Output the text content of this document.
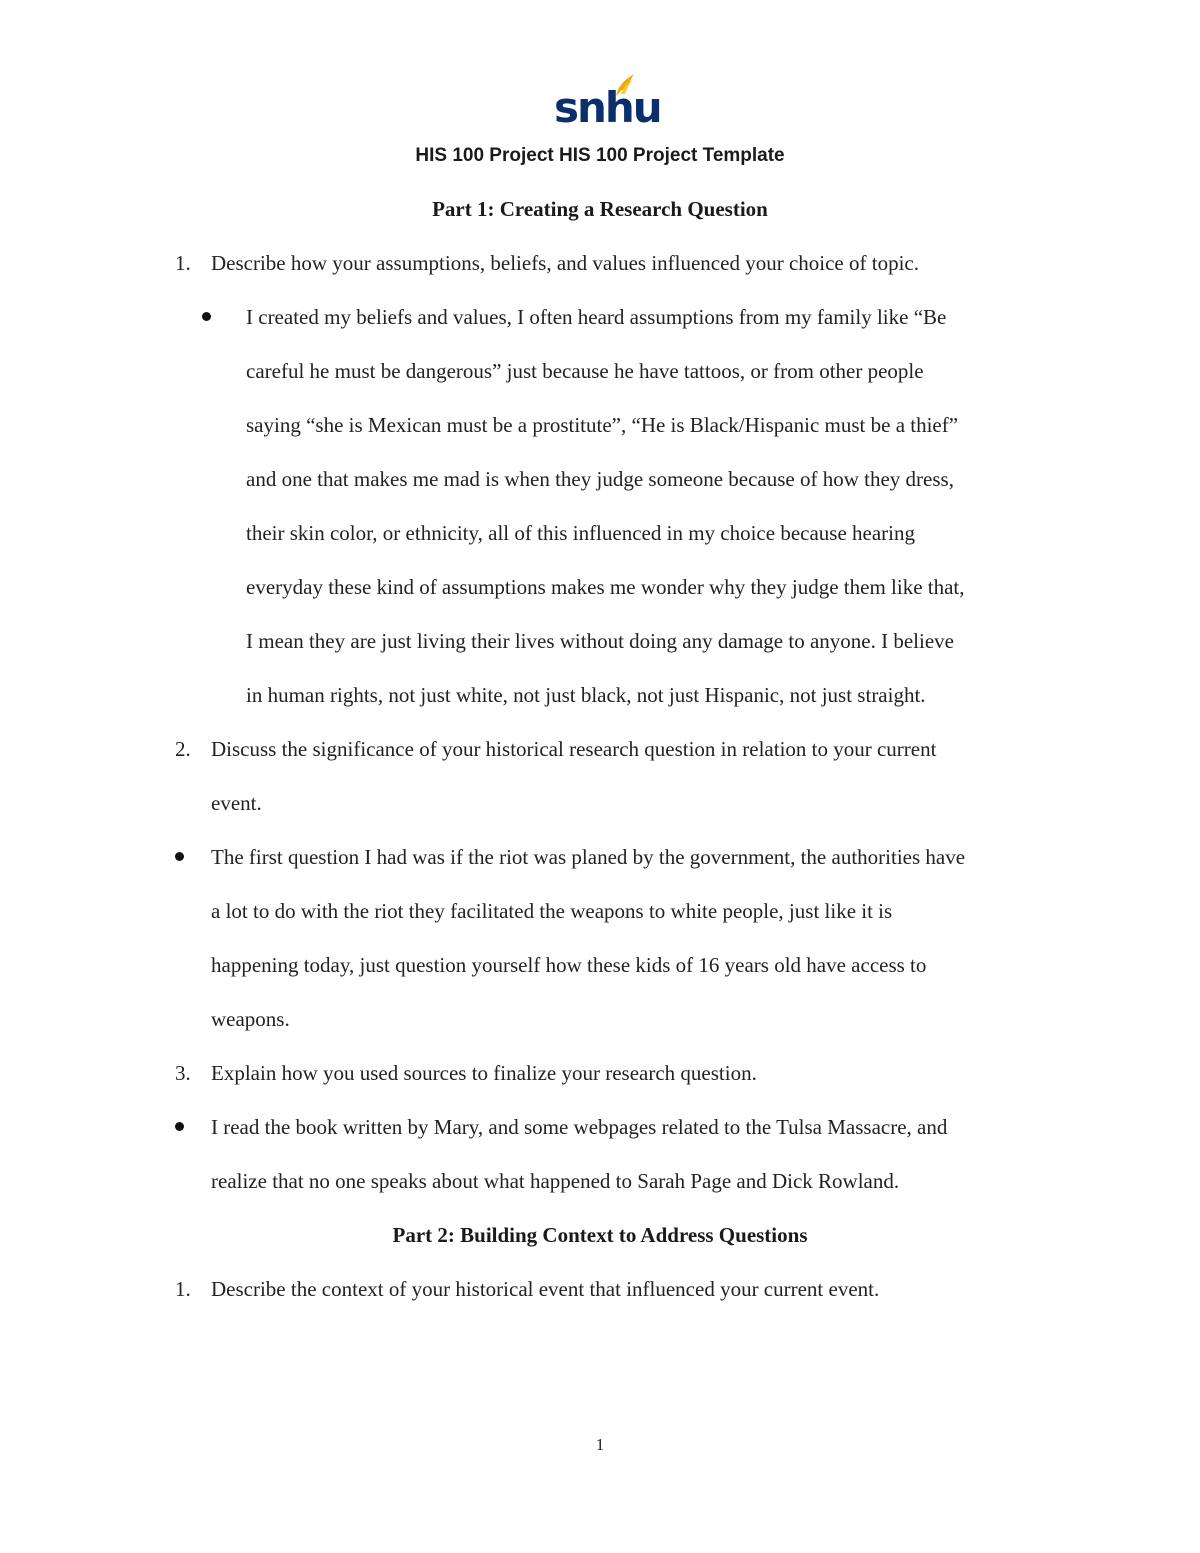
snhu
HIS 100 Project HIS 100 Project Template
Part 1: Creating a Research Question
1. Describe how your assumptions, beliefs, and values influenced your choice of topic.
I created my beliefs and values, I often heard assumptions from my family like “Be
careful he must be dangerous” just because he have tattoos, or from other people
saying “she is Mexican must be a prostitute”, “He is Black/Hispanic must be a thief”
and one that makes me mad is when they judge someone because of how they dress,
their skin color, or ethnicity, all of this influenced in my choice because hearing
everyday these kind of assumptions makes me wonder why they judge them like that,
I mean they are just living their lives without doing any damage to anyone. I believe
in human rights, not just white, not just black, not just Hispanic, not just straight.
2. Discuss the significance of your historical research question in relation to your current
event.
The first question I had was if the riot was planed by the government, the authorities have
a lot to do with the riot they facilitated the weapons to white people, just like it is
happening today, just question yourself how these kids of 16 years old have access to
weapons.
3. Explain how you used sources to finalize your research question.
I read the book written by Mary, and some webpages related to the Tulsa Massacre, and
realize that no one speaks about what happened to Sarah Page and Dick Rowland.
Part 2: Building Context to Address Questions
1. Describe the context of your historical event that influenced your current event.
1
